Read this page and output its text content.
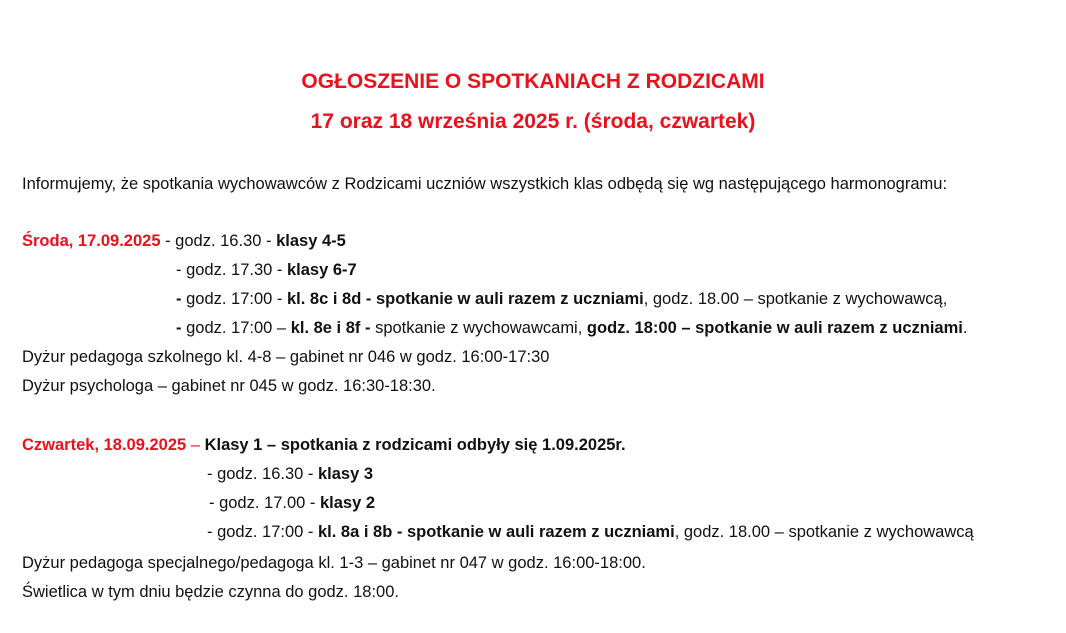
OGŁOSZENIE O SPOTKANIACH Z RODZICAMI
17 oraz 18 września 2025 r. (środa, czwartek)
Informujemy, że spotkania wychowawców z Rodzicami uczniów wszystkich klas odbędą się wg następującego harmonogramu:
Środa, 17.09.2025 - godz. 16.30 - klasy 4-5
- godz. 17.30 - klasy 6-7
- godz. 17:00 - kl. 8c i 8d - spotkanie w auli razem z uczniami, godz. 18.00 – spotkanie z wychowawcą,
- godz. 17:00 – kl. 8e i 8f - spotkanie z wychowawcami, godz. 18:00 – spotkanie w auli razem z uczniami.
Dyżur pedagoga szkolnego kl. 4-8 – gabinet nr 046 w godz. 16:00-17:30
Dyżur psychologa – gabinet nr 045 w godz. 16:30-18:30.
Czwartek, 18.09.2025 – Klasy 1 – spotkania z rodzicami odbyły się 1.09.2025r.
- godz. 16.30 - klasy 3
- godz. 17.00 - klasy 2
- godz. 17:00 - kl. 8a i 8b - spotkanie w auli razem z uczniami, godz. 18.00 – spotkanie z wychowawcą
Dyżur pedagoga specjalnego/pedagoga kl. 1-3 – gabinet nr 047 w godz. 16:00-18:00.
Świetlica w tym dniu będzie czynna do godz. 18:00.
